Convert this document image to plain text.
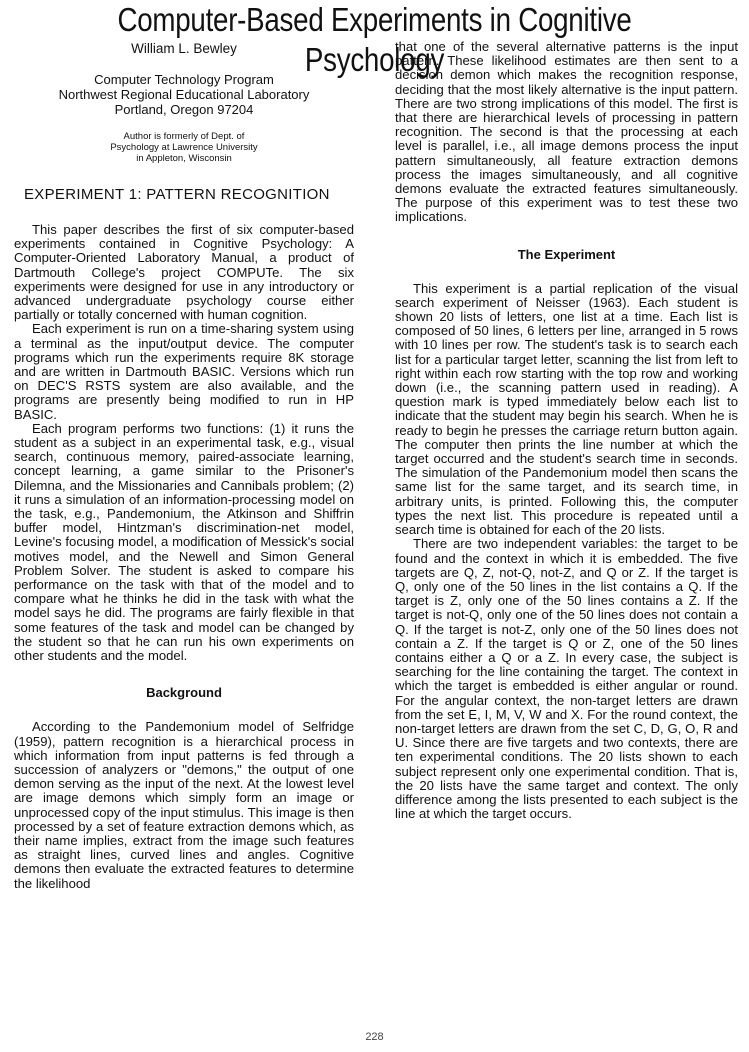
Computer-Based Experiments in Cognitive Psychology
William L. Bewley
Computer Technology Program
Northwest Regional Educational Laboratory
Portland, Oregon 97204
Author is formerly of Dept. of
Psychology at Lawrence University
in Appleton, Wisconsin
EXPERIMENT 1: PATTERN RECOGNITION

This paper describes the first of six computer-based experiments contained in Cognitive Psychology: A Computer-Oriented Laboratory Manual, a product of Dartmouth College's project COMPUTe. The six experiments were designed for use in any introductory or advanced undergraduate psychology course either partially or totally concerned with human cognition.

Each experiment is run on a time-sharing system using a terminal as the input/output device. The computer programs which run the experiments require 8K storage and are written in Dartmouth BASIC. Versions which run on DEC'S RSTS system are also available, and the programs are presently being modified to run in HP BASIC.

Each program performs two functions: (1) it runs the student as a subject in an experimental task, e.g., visual search, continuous memory, paired-associate learning, concept learning, a game similar to the Prisoner's Dilemna, and the Missionaries and Cannibals problem; (2) it runs a simulation of an information-processing model on the task, e.g., Pandemonium, the Atkinson and Shiffrin buffer model, Hintzman's discrimination-net model, Levine's focusing model, a modification of Messick's social motives model, and the Newell and Simon General Problem Solver. The student is asked to compare his performance on the task with that of the model and to compare what he thinks he did in the task with what the model says he did. The programs are fairly flexible in that some features of the task and model can be changed by the student so that he can run his own experiments on other students and the model.

Background

According to the Pandemonium model of Selfridge (1959), pattern recognition is a hierarchical process in which information from input patterns is fed through a succession of analyzers or "demons," the output of one demon serving as the input of the next. At the lowest level are image demons which simply form an image or unprocessed copy of the input stimulus. This image is then processed by a set of feature extraction demons which, as their name implies, extract from the image such features as straight lines, curved lines and angles. Cognitive demons then evaluate the extracted features to determine the likelihood

that one of the several alternative patterns is the input pattern. These likelihood estimates are then sent to a decision demon which makes the recognition response, deciding that the most likely alternative is the input pattern. There are two strong implications of this model. The first is that there are hierarchical levels of processing in pattern recognition. The second is that the processing at each level is parallel, i.e., all image demons process the input pattern simultaneously, all feature extraction demons process the images simultaneously, and all cognitive demons evaluate the extracted features simultaneously. The purpose of this experiment was to test these two implications.

The Experiment

This experiment is a partial replication of the visual search experiment of Neisser (1963). Each student is shown 20 lists of letters, one list at a time. Each list is composed of 50 lines, 6 letters per line, arranged in 5 rows with 10 lines per row. The student's task is to search each list for a particular target letter, scanning the list from left to right within each row starting with the top row and working down (i.e., the scanning pattern used in reading). A question mark is typed immediately below each list to indicate that the student may begin his search. When he is ready to begin he presses the carriage return button again. The computer then prints the line number at which the target occurred and the student's search time in seconds. The simulation of the Pandemonium model then scans the same list for the same target, and its search time, in arbitrary units, is printed. Following this, the computer types the next list. This procedure is repeated until a search time is obtained for each of the 20 lists.

There are two independent variables: the target to be found and the context in which it is embedded. The five targets are Q, Z, not-Q, not-Z, and Q or Z. If the target is Q, only one of the 50 lines in the list contains a Q. If the target is Z, only one of the 50 lines contains a Z. If the target is not-Q, only one of the 50 lines does not contain a Q. If the target is not-Z, only one of the 50 lines does not contain a Z. If the target is Q or Z, one of the 50 lines contains either a Q or a Z. In every case, the subject is searching for the line containing the target. The context in which the target is embedded is either angular or round. For the angular context, the non-target letters are drawn from the set E, I, M, V, W and X. For the round context, the non-target letters are drawn from the set C, D, G, O, R and U. Since there are five targets and two contexts, there are ten experimental conditions. The 20 lists shown to each subject represent only one experimental condition. That is, the 20 lists have the same target and context. The only difference among the lists presented to each subject is the line at which the target occurs.

228
